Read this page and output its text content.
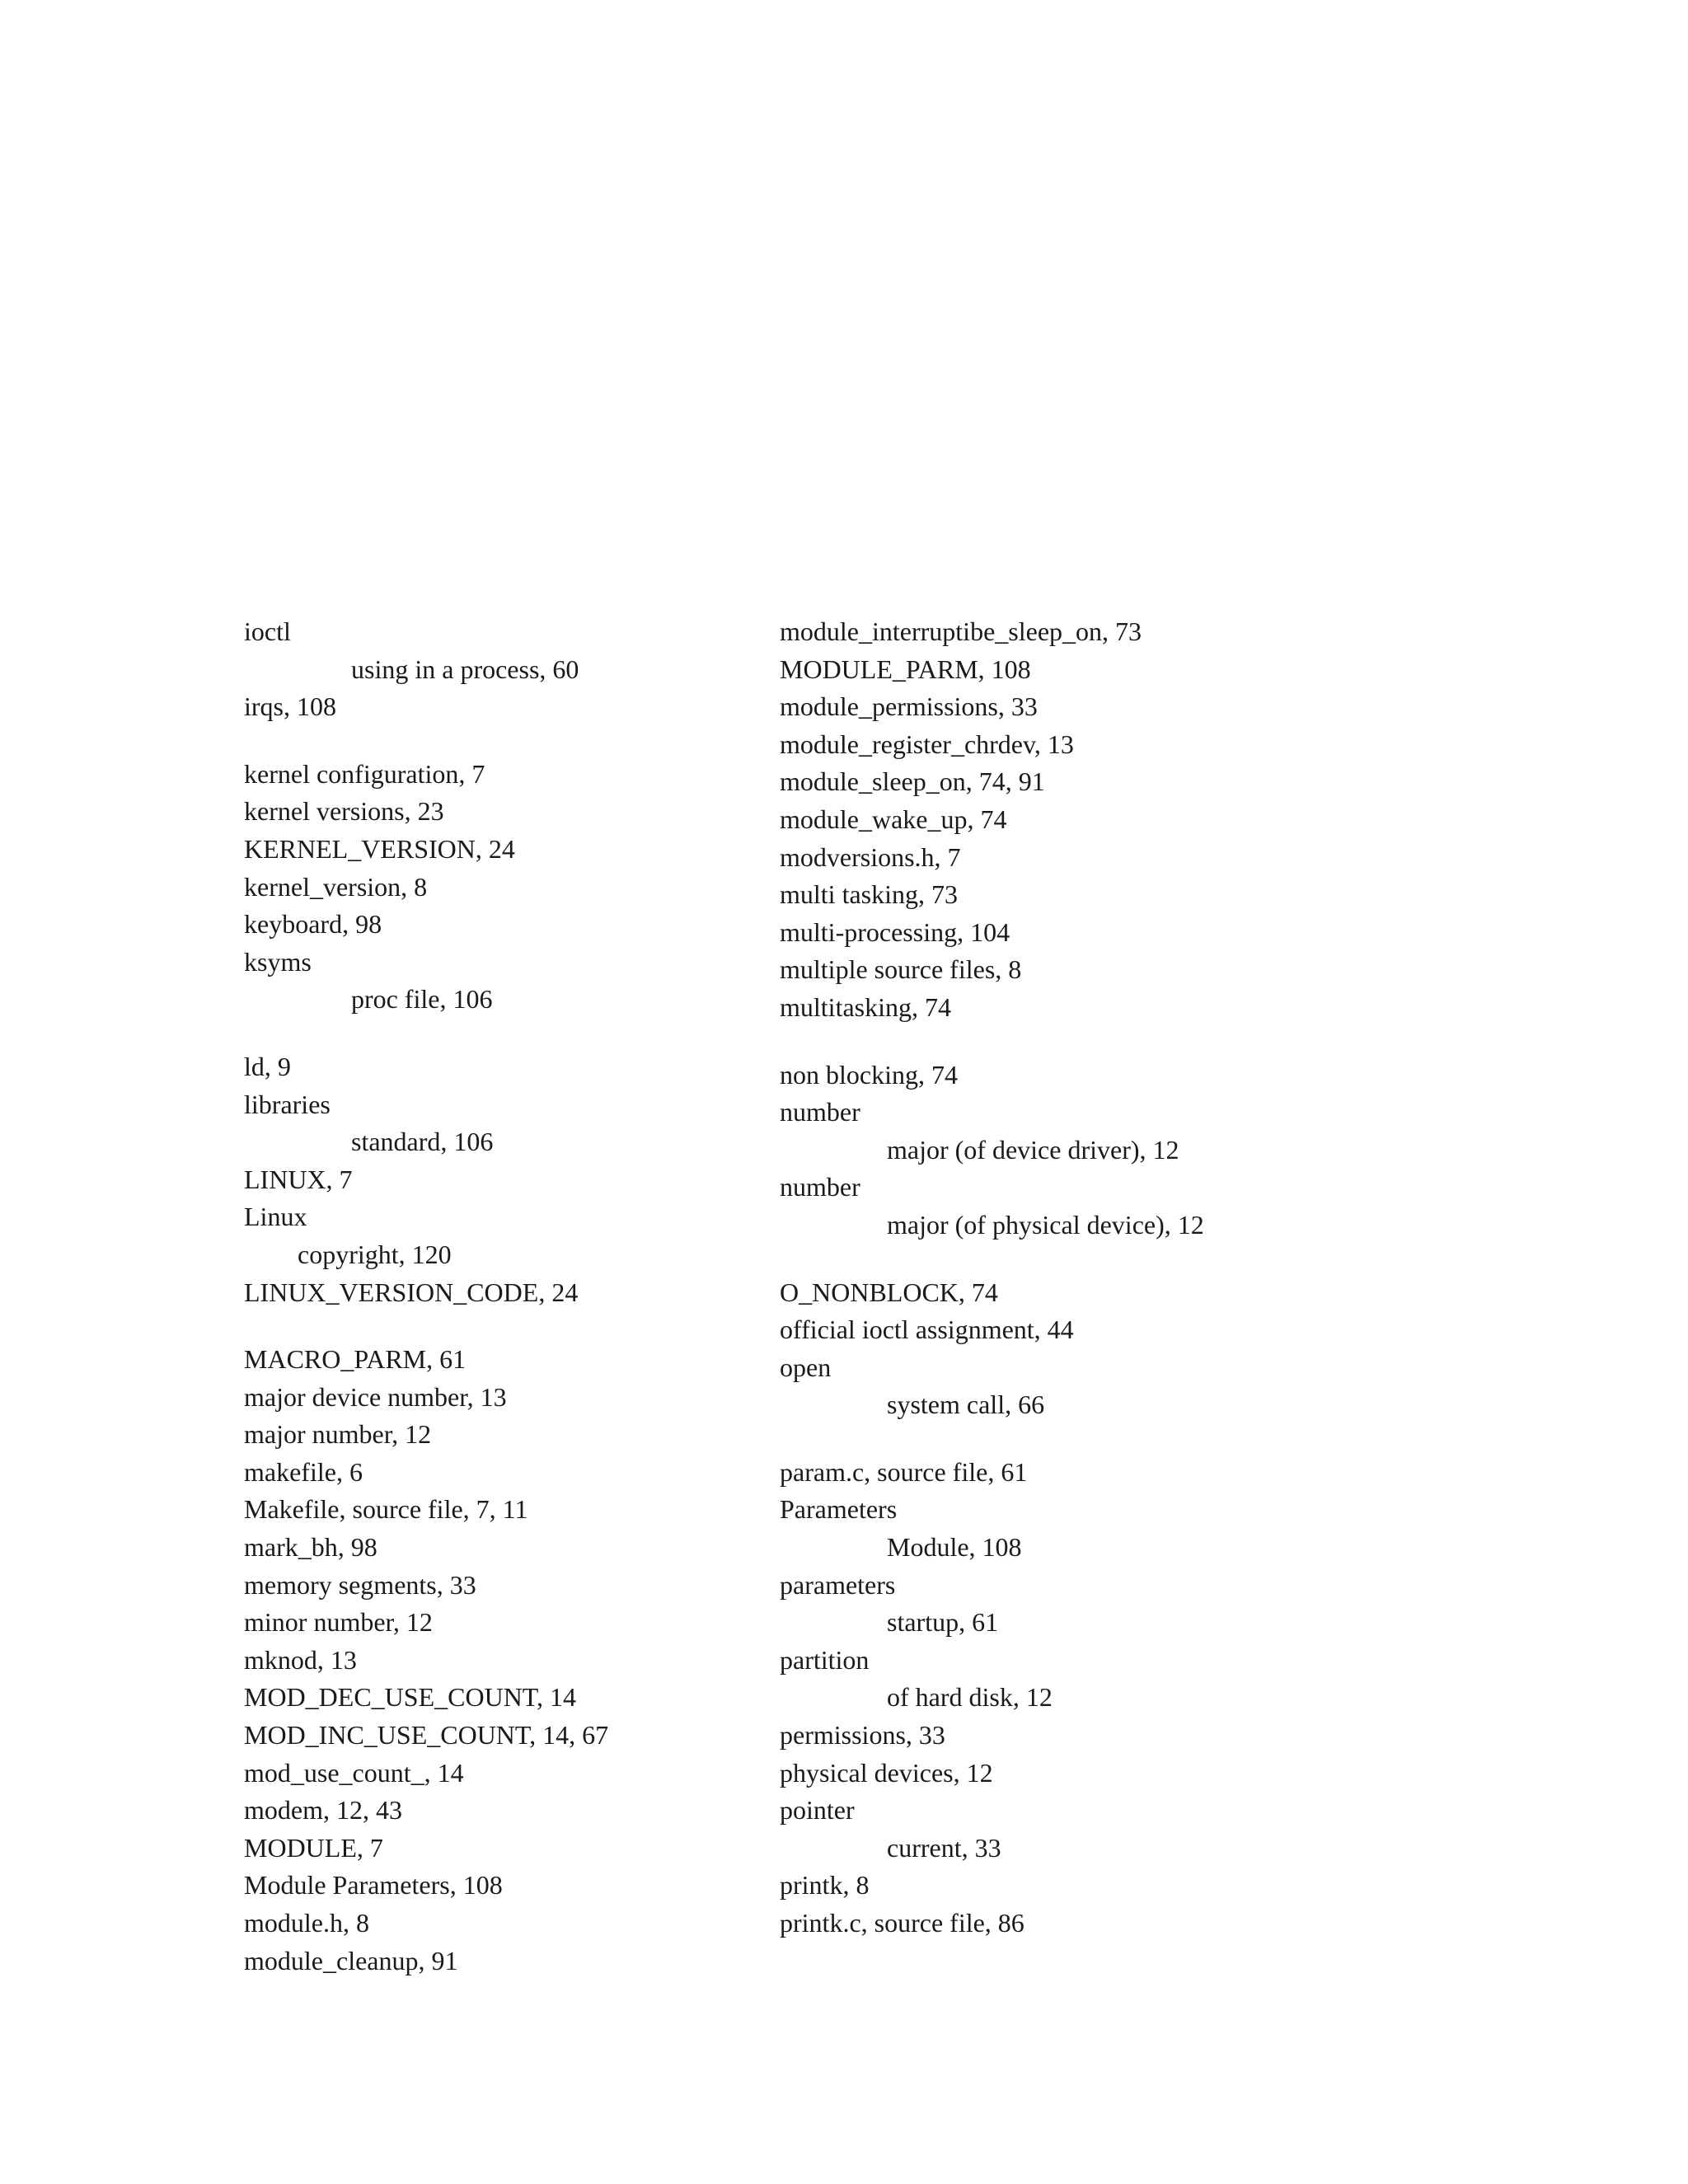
ioctl
using in a process, 60
irqs, 108
kernel configuration, 7
kernel versions, 23
KERNEL_VERSION, 24
kernel_version, 8
keyboard, 98
ksyms
proc file, 106
ld, 9
libraries
standard, 106
LINUX, 7
Linux
copyright, 120
LINUX_VERSION_CODE, 24
MACRO_PARM, 61
major device number, 13
major number, 12
makefile, 6
Makefile, source file, 7, 11
mark_bh, 98
memory segments, 33
minor number, 12
mknod, 13
MOD_DEC_USE_COUNT, 14
MOD_INC_USE_COUNT, 14, 67
mod_use_count_, 14
modem, 12, 43
MODULE, 7
Module Parameters, 108
module.h, 8
module_cleanup, 91
module_interruptibe_sleep_on, 73
MODULE_PARM, 108
module_permissions, 33
module_register_chrdev, 13
module_sleep_on, 74, 91
module_wake_up, 74
modversions.h, 7
multi tasking, 73
multi-processing, 104
multiple source files, 8
multitasking, 74
non blocking, 74
number
major (of device driver), 12
number
major (of physical device), 12
O_NONBLOCK, 74
official ioctl assignment, 44
open
system call, 66
param.c, source file, 61
Parameters
Module, 108
parameters
startup, 61
partition
of hard disk, 12
permissions, 33
physical devices, 12
pointer
current, 33
printk, 8
printk.c, source file, 86
